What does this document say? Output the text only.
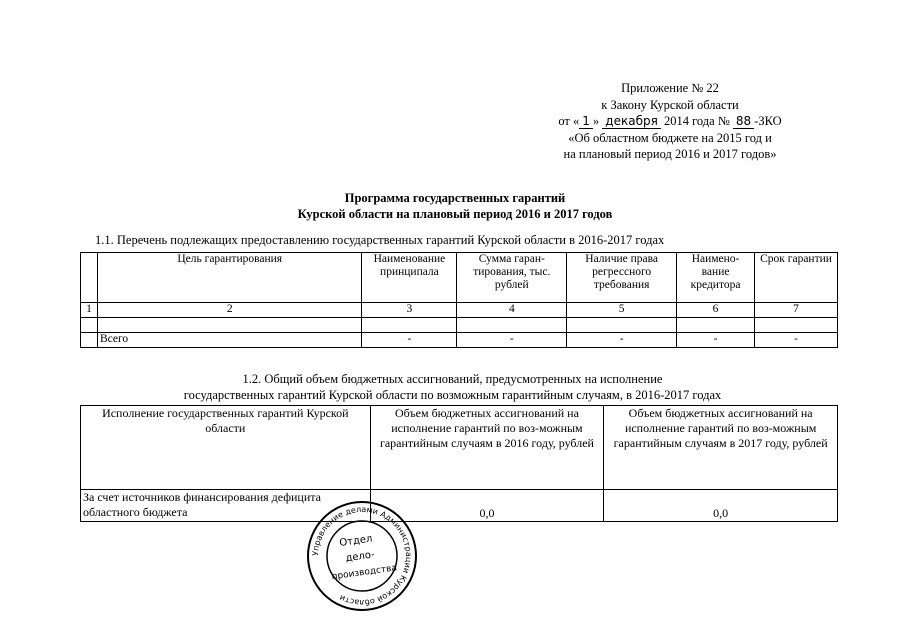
Приложение № 22
к Закону Курской области
от « 1 » декабря 2014 года № 88 -ЗКО
«Об областном бюджете на 2015 год и
на плановый период 2016 и 2017 годов»
Программа государственных гарантий
Курской области на плановый период 2016 и 2017 годов
1.1. Перечень подлежащих предоставлению государственных гарантий Курской области в 2016-2017 годах
	Цель гарантирования	Наименование принципала	Сумма гаран-тирования, тыс. рублей	Наличие права регрессного требования	Наимено-вание кредитора	Срок гарантии
1	2	3	4	5	6	7

	Всего	-	-	-	-	-
1.2. Общий объем бюджетных ассигнований, предусмотренных на исполнение
государственных гарантий Курской области по возможным гарантийным случаям, в 2016-2017 годах
Исполнение государственных гарантий Курской области	Объем бюджетных ассигнований на исполнение гарантий по воз-можным гарантийным случаям в 2016 году, рублей	Объем бюджетных ассигнований на исполнение гарантий по воз-можным гарантийным случаям в 2017 году, рублей
За счет источников финансирования дефицита областного бюджета	0,0	0,0
Управление делами Администрации Курской области
Отдел
дело-
производства
